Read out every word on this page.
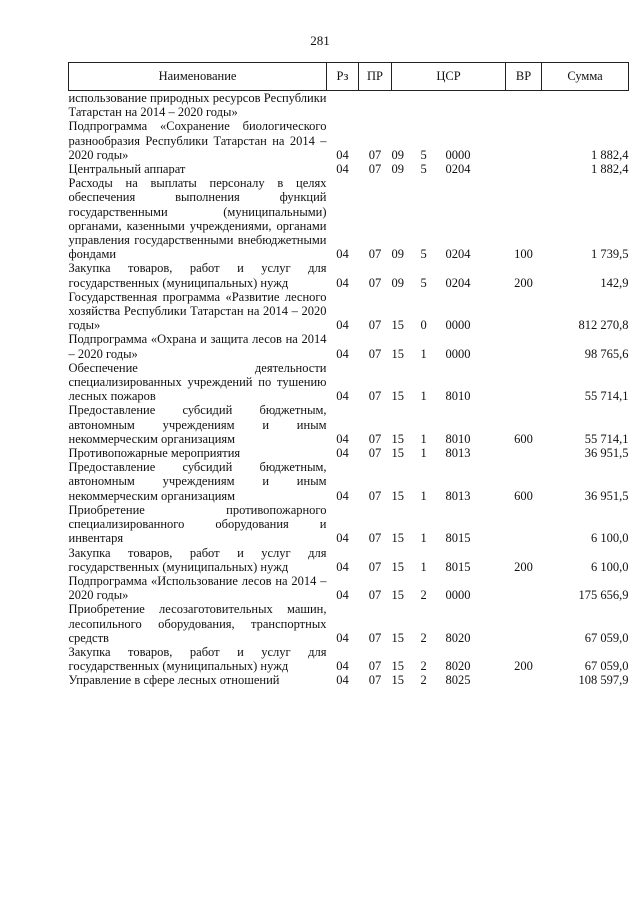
281
Наименование	Рз	ПР	ЦСР			ВР	Сумма
использование природных ресурсов Республики Татарстан на 2014 – 2020 годы»							
Подпрограмма «Сохранение биологического разнообразия Республики Татарстан на 2014 – 2020 годы»	04	07	09	5	0000		1 882,4
Центральный аппарат	04	07	09	5	0204		1 882,4
Расходы на выплаты персоналу в целях обеспечения выполнения функций государственными (муниципальными) органами, казенными учреждениями, органами управления государственными внебюджетными фондами	04	07	09	5	0204	100	1 739,5
Закупка товаров, работ и услуг для государственных (муниципальных) нужд	04	07	09	5	0204	200	142,9
Государственная программа «Развитие лесного хозяйства Республики Татарстан на 2014 – 2020 годы»	04	07	15	0	0000		812 270,8
Подпрограмма «Охрана и защита лесов на 2014 – 2020 годы»	04	07	15	1	0000		98 765,6
Обеспечение деятельности специализированных учреждений по тушению лесных пожаров	04	07	15	1	8010		55 714,1
Предоставление субсидий бюджетным, автономным учреждениям и иным некоммерческим организациям	04	07	15	1	8010	600	55 714,1
Противопожарные мероприятия	04	07	15	1	8013		36 951,5
Предоставление субсидий бюджетным, автономным учреждениям и иным некоммерческим организациям	04	07	15	1	8013	600	36 951,5
Приобретение противопожарного специализированного оборудования и инвентаря	04	07	15	1	8015		6 100,0
Закупка товаров, работ и услуг для государственных (муниципальных) нужд	04	07	15	1	8015	200	6 100,0
Подпрограмма «Использование лесов на 2014 – 2020 годы»	04	07	15	2	0000		175 656,9
Приобретение лесозаготовительных машин, лесопильного оборудования, транспортных средств	04	07	15	2	8020		67 059,0
Закупка товаров, работ и услуг для государственных (муниципальных) нужд	04	07	15	2	8020	200	67 059,0
Управление в сфере лесных отношений	04	07	15	2	8025		108 597,9
